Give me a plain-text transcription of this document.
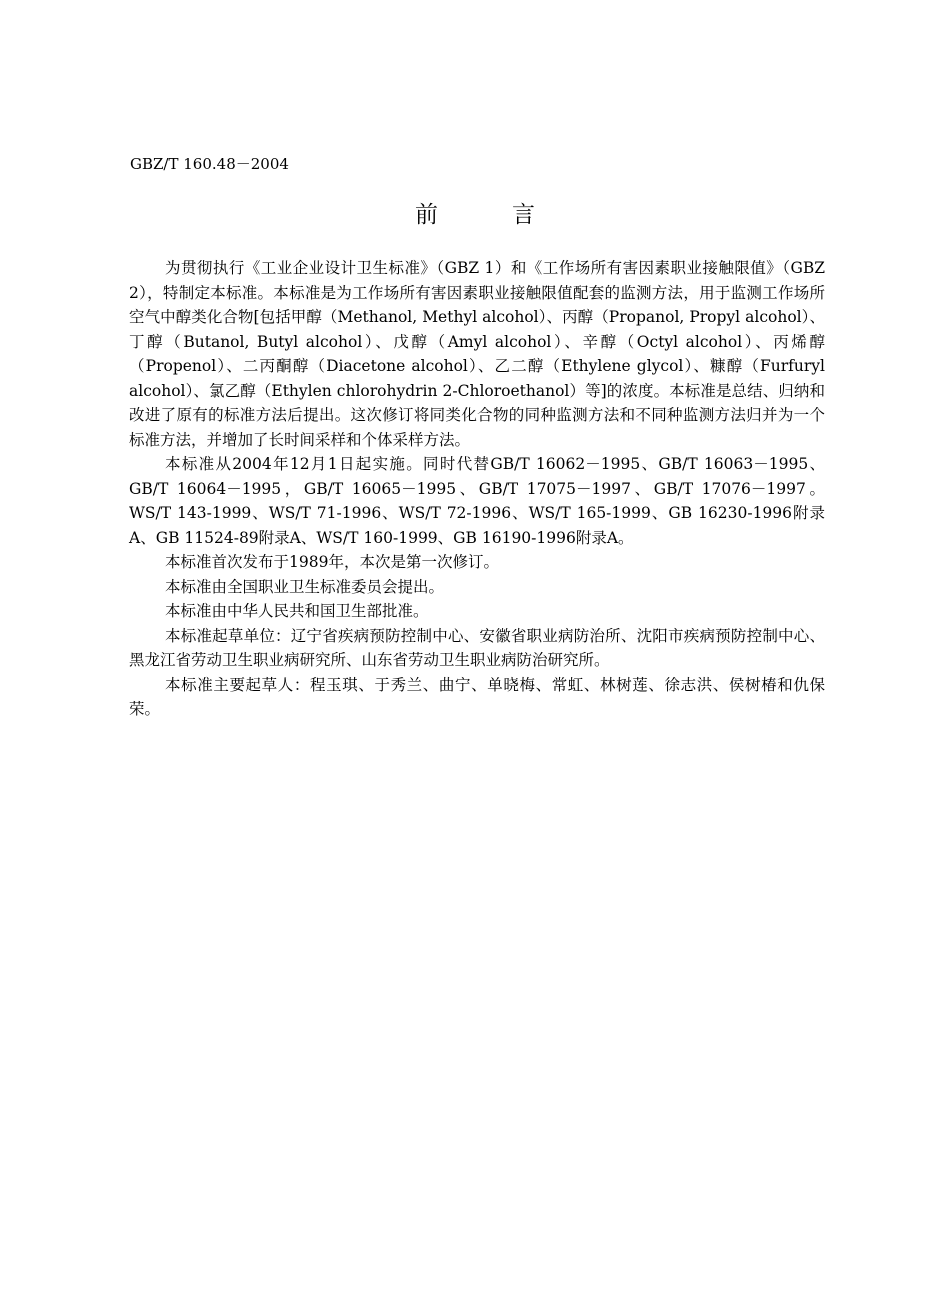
GBZ/T 160.48－2004
前	言

为贯彻执行《工业企业设计卫生标准》（GBZ 1）和《工作场所有害因素职业接触限值》（GBZ 2），特制定本标准。本标准是为工作场所有害因素职业接触限值配套的监测方法，用于监测工作场所空气中醇类化合物[包括甲醇（Methanol, Methyl alcohol）、丙醇（Propanol, Propyl alcohol）、丁醇（Butanol, Butyl alcohol）、戊醇（Amyl alcohol）、辛醇（Octyl alcohol）、丙烯醇（Propenol）、二丙酮醇（Diacetone alcohol）、乙二醇（Ethylene glycol）、糠醇（Furfuryl alcohol）、氯乙醇（Ethylen chlorohydrin 2-Chloroethanol）等]的浓度。本标准是总结、归纳和改进了原有的标准方法后提出。这次修订将同类化合物的同种监测方法和不同种监测方法归并为一个标准方法，并增加了长时间采样和个体采样方法。

本标准从2004年12月1日起实施。同时代替GB/T 16062－1995、GB/T 16063－1995、GB/T 16064－1995，GB/T 16065－1995、GB/T 17075－1997、GB/T 17076－1997。WS/T 143-1999、WS/T 71-1996、WS/T 72-1996、WS/T 165-1999、GB 16230-1996附录A、GB 11524-89附录A、WS/T 160-1999、GB 16190-1996附录A。

本标准首次发布于1989年，本次是第一次修订。

本标准由全国职业卫生标准委员会提出。

本标准由中华人民共和国卫生部批准。

本标准起草单位：辽宁省疾病预防控制中心、安徽省职业病防治所、沈阳市疾病预防控制中心、黑龙江省劳动卫生职业病研究所、山东省劳动卫生职业病防治研究所。

本标准主要起草人：程玉琪、于秀兰、曲宁、单晓梅、常虹、林树莲、徐志洪、侯树椿和仇保荣。
